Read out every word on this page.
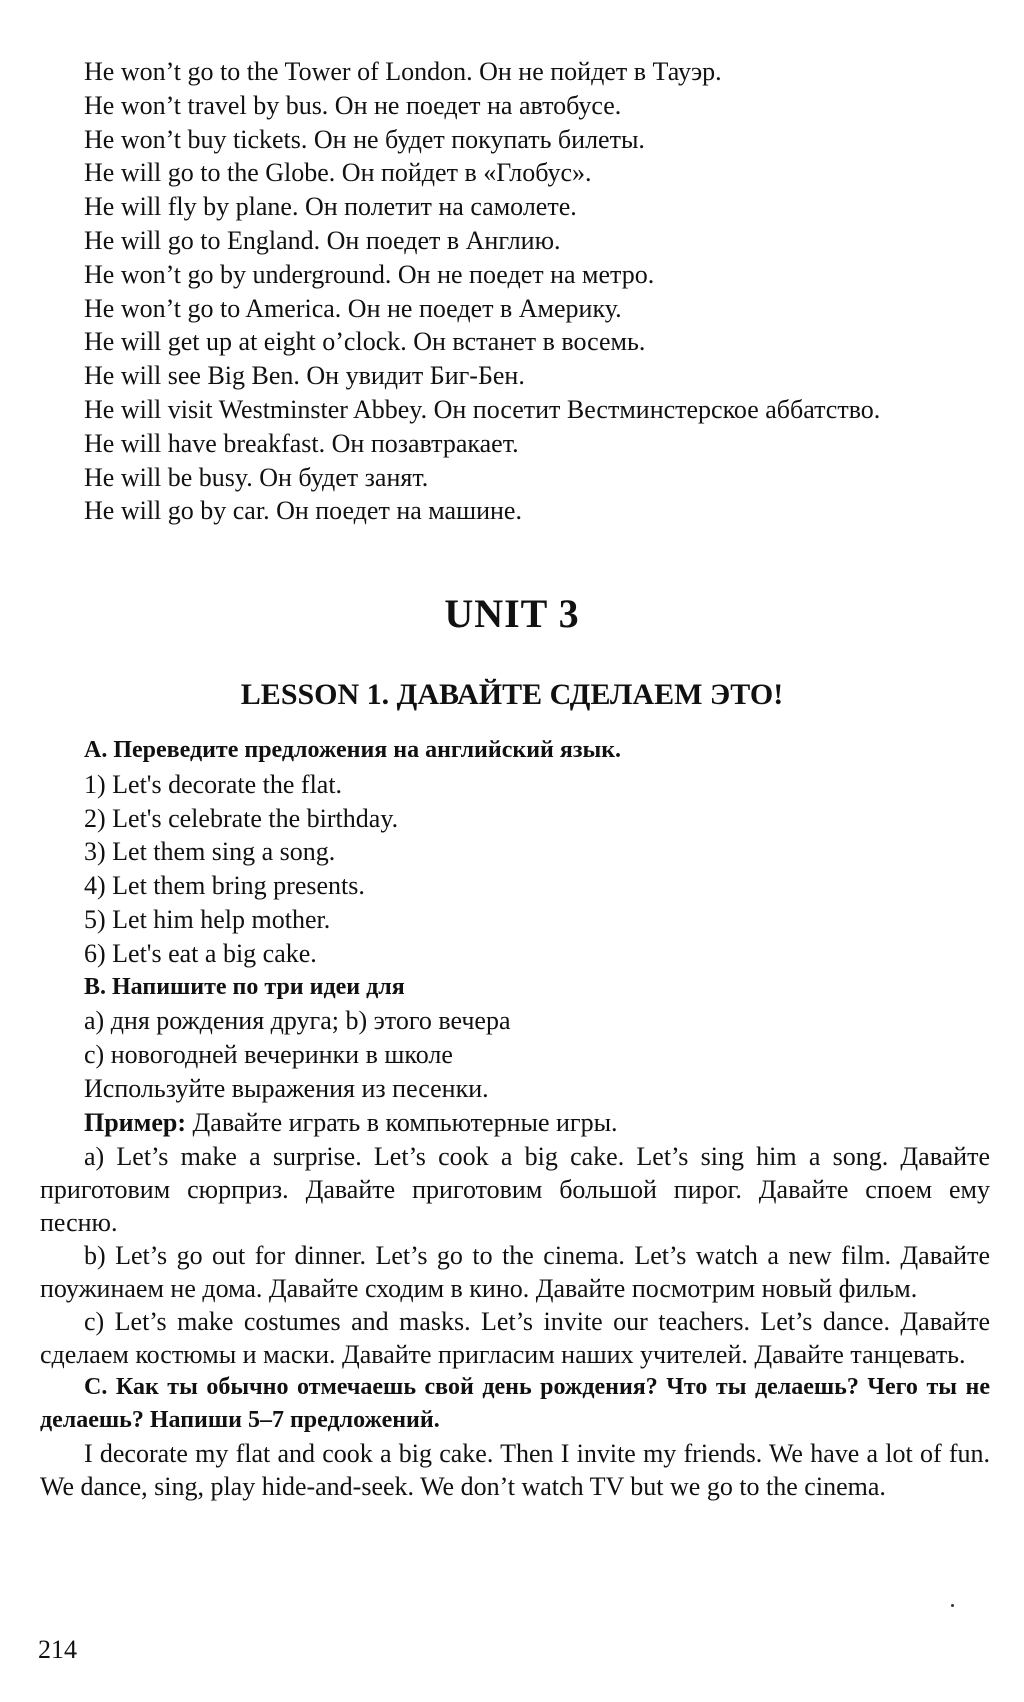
He won’t go to the Tower of London. Он не пойдет в Тауэр.
He won’t travel by bus. Он не поедет на автобусе.
He won’t buy tickets. Он не будет покупать билеты.
He will go to the Globe. Он пойдет в «Глобус».
He will fly by plane. Он полетит на самолете.
He will go to England. Он поедет в Англию.
He won’t go by underground. Он не поедет на метро.
He won’t go to America. Он не поедет в Америку.
He will get up at eight o’clock. Он встанет в восемь.
He will see Big Ben. Он увидит Биг-Бен.
He will visit Westminster Abbey. Он посетит Вестминстерское аббатство.
He will have breakfast. Он позавтракает.
He will be busy. Он будет занят.
He will go by car. Он поедет на машине.
UNIT 3
LESSON 1. ДАВАЙТЕ СДЕЛАЕМ ЭТО!
А. Переведите предложения на английский язык.
1) Let's decorate the flat.
2) Let's celebrate the birthday.
3) Let them sing a song.
4) Let them bring presents.
5) Let him help mother.
6) Let's eat a big cake.
В. Напишите по три идеи для
а) дня рождения друга; b) этого вечера
с) новогодней вечеринки в школе
Используйте выражения из песенки.
Пример: Давайте играть в компьютерные игры.
a) Let’s make a surprise. Let’s cook a big cake. Let’s sing him a song. Давайте приготовим сюрприз. Давайте приготовим большой пирог. Давайте споем ему песню.
b) Let’s go out for dinner. Let’s go to the cinema. Let’s watch a new film. Давайте поужинаем не дома. Давайте сходим в кино. Давайте посмотрим новый фильм.
c) Let’s make costumes and masks. Let’s invite our teachers. Let’s dance. Давайте сделаем костюмы и маски. Давайте пригласим наших учителей. Давайте танцевать.
С. Как ты обычно отмечаешь свой день рождения? Что ты делаешь? Чего ты не делаешь? Напиши 5–7 предложений.
I decorate my flat and cook a big cake. Then I invite my friends. We have a lot of fun. We dance, sing, play hide-and-seek. We don’t watch TV but we go to the cinema.
214
